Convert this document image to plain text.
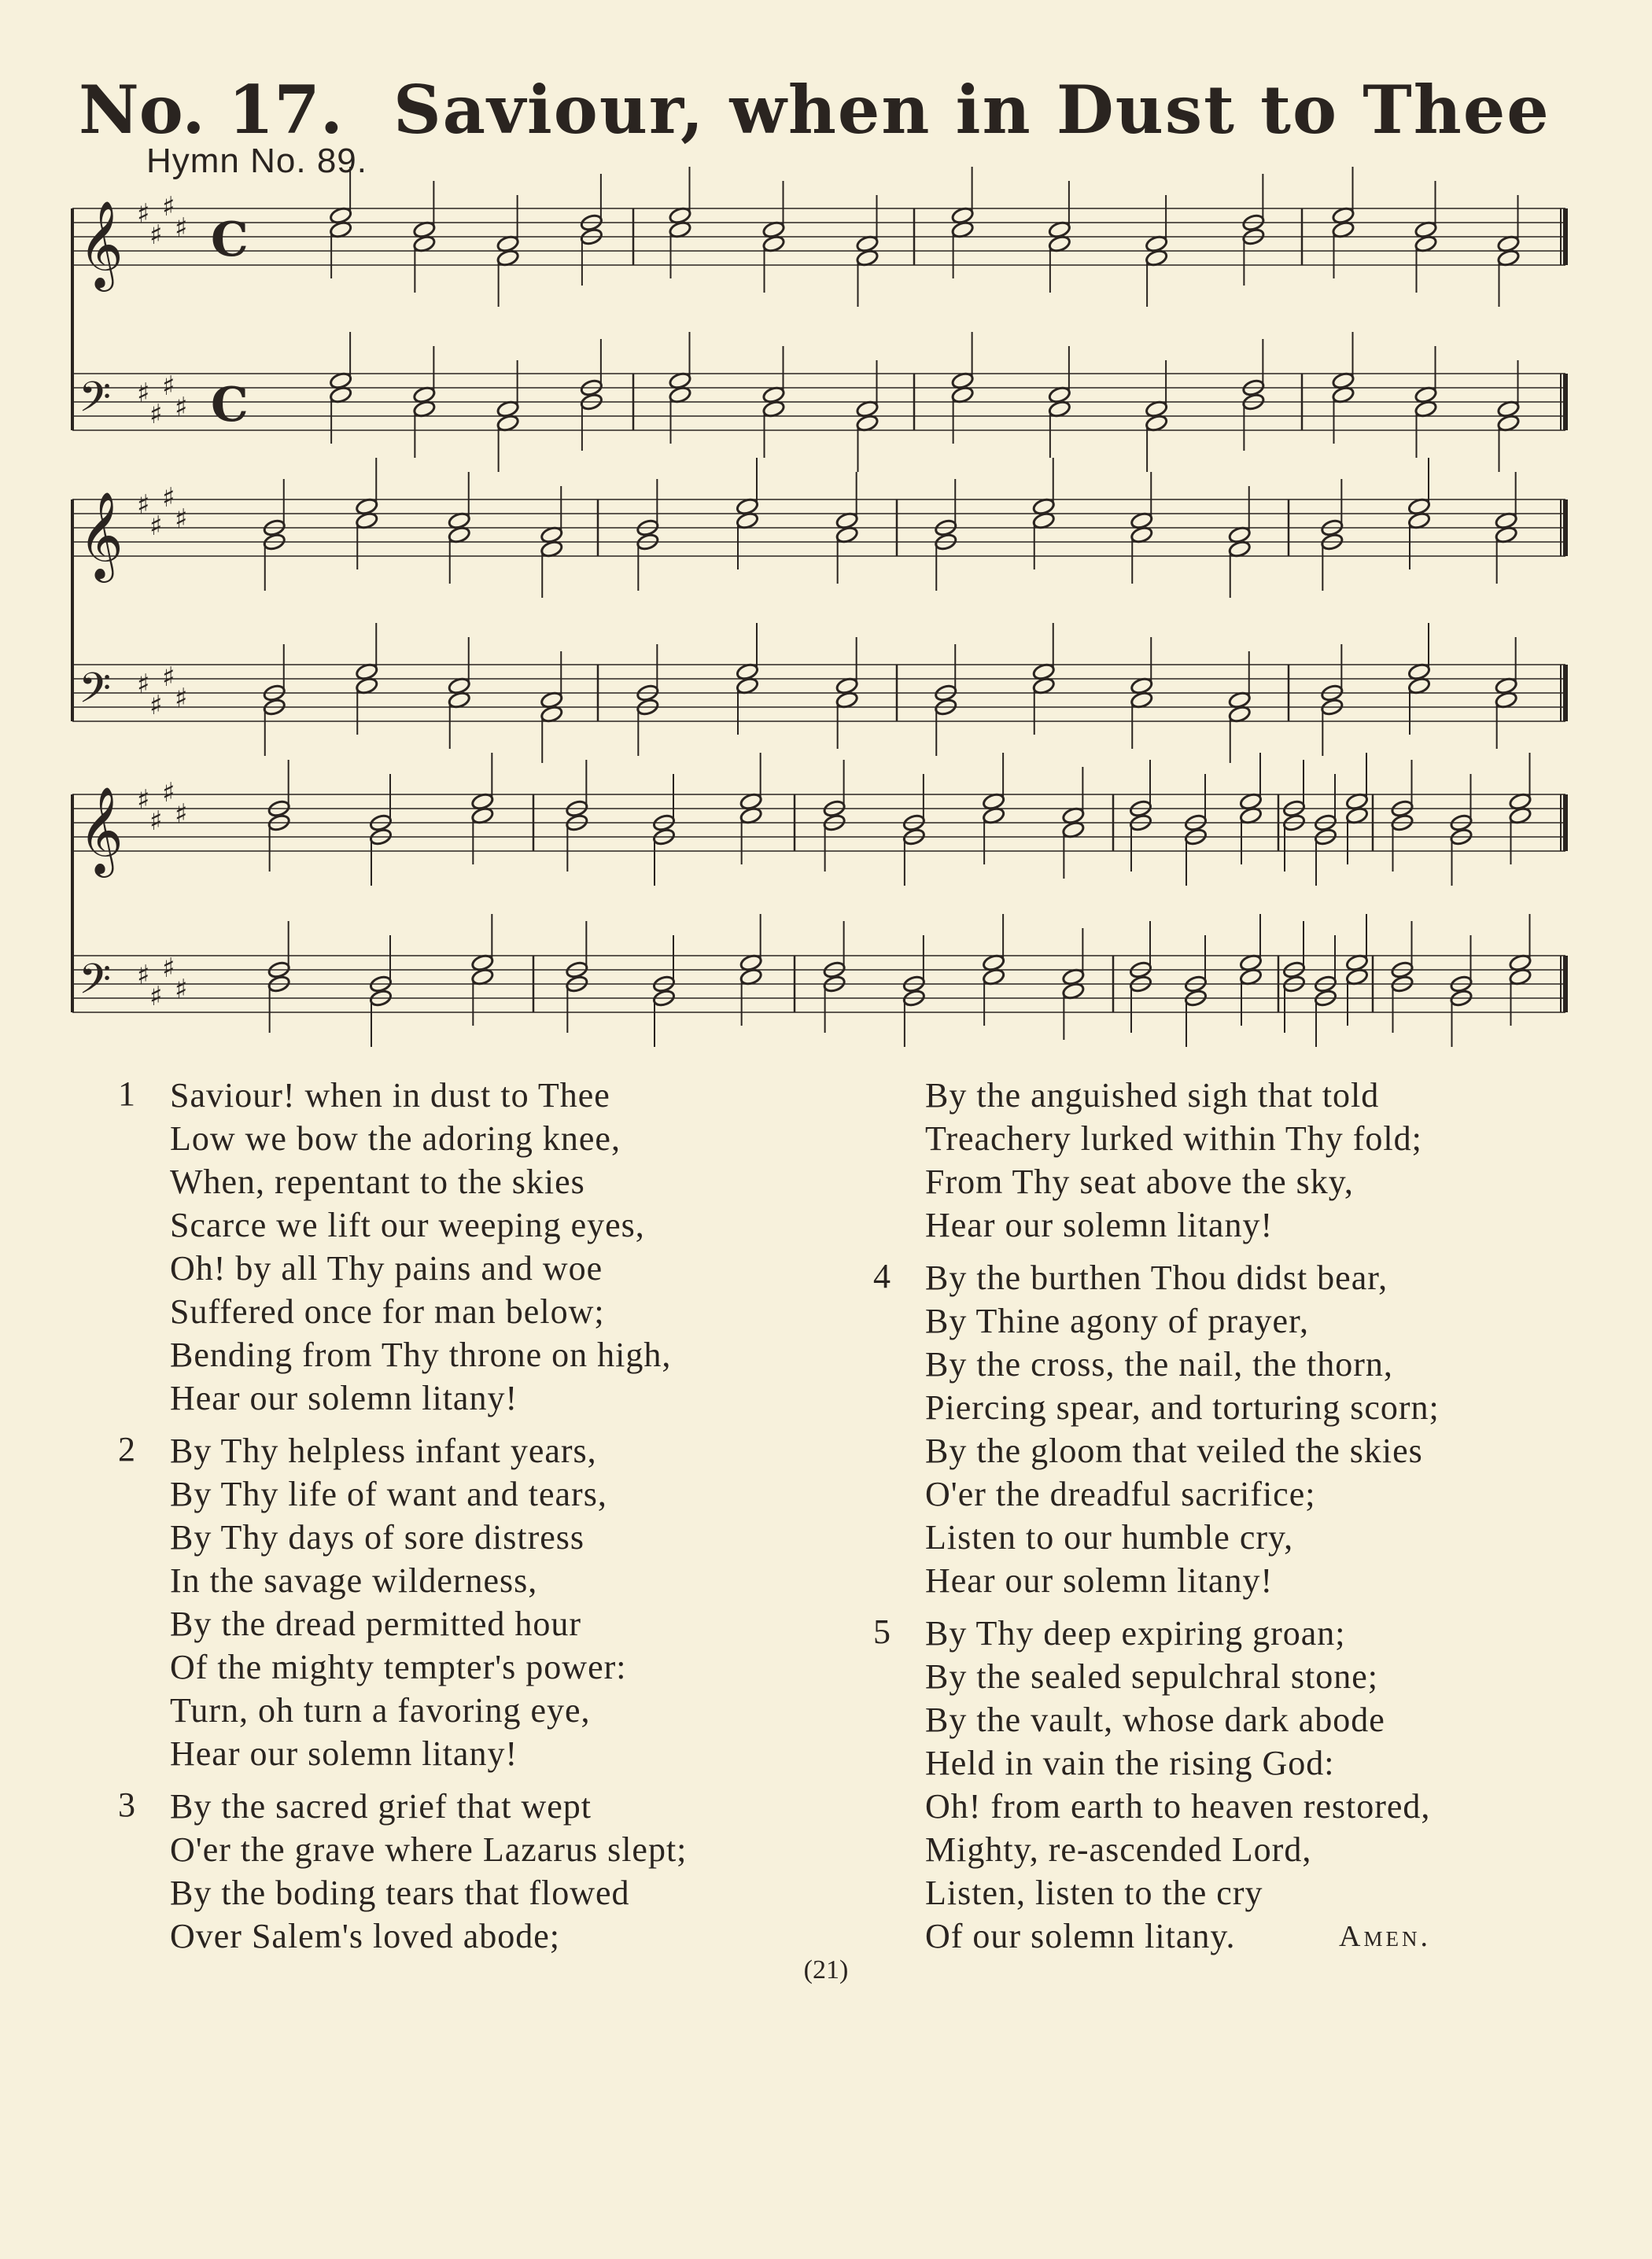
No. 17. Saviour, when in Dust to Thee
Hymn No. 89.
𝄞 ♯
♯
♯
♯ C
𝄢 ♯
♯
♯
♯ C
𝄞 ♯
♯
♯
♯
𝄢 ♯
♯
♯
♯
𝄞 ♯
♯
♯
♯
𝄢 ♯
♯
♯
♯
1	Saviour! when in dust to Thee
Low we bow the adoring knee,
When, repentant to the skies
Scarce we lift our weeping eyes,
Oh! by all Thy pains and woe
Suffered once for man below;
Bending from Thy throne on high,
Hear our solemn litany!
2	By Thy helpless infant years,
By Thy life of want and tears,
By Thy days of sore distress
In the savage wilderness,
By the dread permitted hour
Of the mighty tempter's power:
Turn, oh turn a favoring eye,
Hear our solemn litany!
3	By the sacred grief that wept
O'er the grave where Lazarus slept;
By the boding tears that flowed
Over Salem's loved abode;
By the anguished sigh that told
Treachery lurked within Thy fold;
From Thy seat above the sky,
Hear our solemn litany!
4	By the burthen Thou didst bear,
By Thine agony of prayer,
By the cross, the nail, the thorn,
Piercing spear, and torturing scorn;
By the gloom that veiled the skies
O'er the dreadful sacrifice;
Listen to our humble cry,
Hear our solemn litany!
5	By Thy deep expiring groan;
By the sealed sepulchral stone;
By the vault, whose dark abode
Held in vain the rising God:
Oh! from earth to heaven restored,
Mighty, re-ascended Lord,
Listen, listen to the cry
Of our solemn litany.	Amen.
(21)
